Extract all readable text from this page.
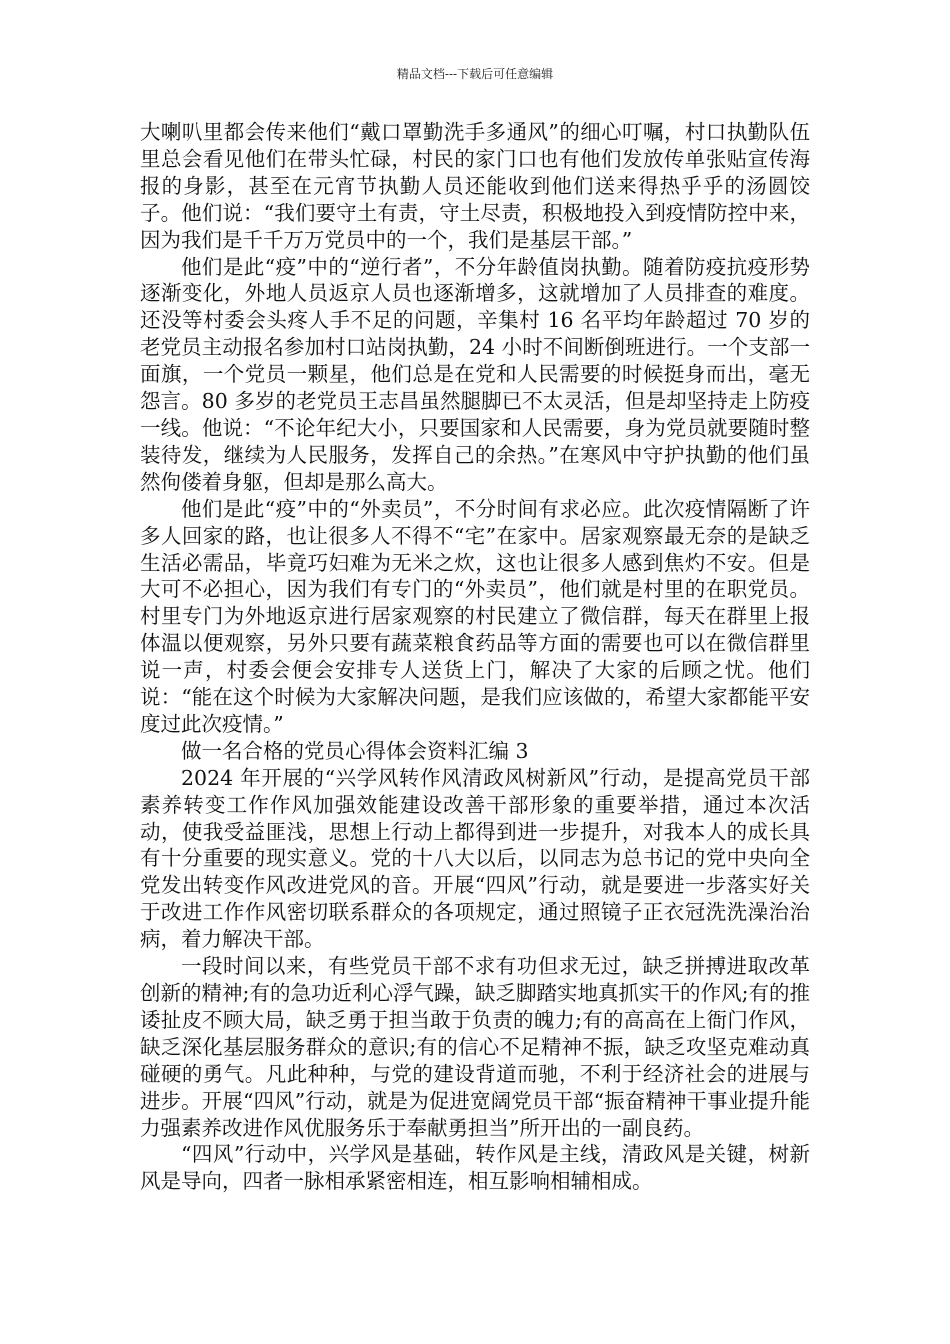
精品文档---下载后可任意编辑

大喇叭里都会传来他们“戴口罩勤洗手多通风”的细心叮嘱，村口执勤队伍里总会看见他们在带头忙碌，村民的家门口也有他们发放传单张贴宣传海报的身影，甚至在元宵节执勤人员还能收到他们送来得热乎乎的汤圆饺子。他们说：“我们要守土有责，守土尽责，积极地投入到疫情防控中来，因为我们是千千万万党员中的一个，我们是基层干部。”

他们是此“疫”中的“逆行者”，不分年龄值岗执勤。随着防疫抗疫形势逐渐变化，外地人员返京人员也逐渐增多，这就增加了人员排查的难度。还没等村委会头疼人手不足的问题，辛集村 16 名平均年龄超过 70 岁的老党员主动报名参加村口站岗执勤，24 小时不间断倒班进行。一个支部一面旗，一个党员一颗星，他们总是在党和人民需要的时候挺身而出，毫无怨言。80 多岁的老党员王志昌虽然腿脚已不太灵活，但是却坚持走上防疫一线。他说：“不论年纪大小，只要国家和人民需要，身为党员就要随时整装待发，继续为人民服务，发挥自己的余热。”在寒风中守护执勤的他们虽然佝偻着身躯，但却是那么高大。

他们是此“疫”中的“外卖员”，不分时间有求必应。此次疫情隔断了许多人回家的路，也让很多人不得不“宅”在家中。居家观察最无奈的是缺乏生活必需品，毕竟巧妇难为无米之炊，这也让很多人感到焦灼不安。但是大可不必担心，因为我们有专门的“外卖员”，他们就是村里的在职党员。村里专门为外地返京进行居家观察的村民建立了微信群，每天在群里上报体温以便观察，另外只要有蔬菜粮食药品等方面的需要也可以在微信群里说一声，村委会便会安排专人送货上门，解决了大家的后顾之忧。他们说：“能在这个时候为大家解决问题，是我们应该做的，希望大家都能平安度过此次疫情。”

做一名合格的党员心得体会资料汇编 3

2024 年开展的“兴学风转作风清政风树新风”行动，是提高党员干部素养转变工作作风加强效能建设改善干部形象的重要举措，通过本次活动，使我受益匪浅，思想上行动上都得到进一步提升，对我本人的成长具有十分重要的现实意义。党的十八大以后，以同志为总书记的党中央向全党发出转变作风改进党风的音。开展“四风”行动，就是要进一步落实好关于改进工作作风密切联系群众的各项规定，通过照镜子正衣冠洗洗澡治治病，着力解决干部。

一段时间以来，有些党员干部不求有功但求无过，缺乏拼搏进取改革创新的精神;有的急功近利心浮气躁，缺乏脚踏实地真抓实干的作风;有的推诿扯皮不顾大局，缺乏勇于担当敢于负责的魄力;有的高高在上衙门作风，缺乏深化基层服务群众的意识;有的信心不足精神不振，缺乏攻坚克难动真碰硬的勇气。凡此种种，与党的建设背道而驰，不利于经济社会的进展与进步。开展“四风”行动，就是为促进宽阔党员干部“振奋精神干事业提升能力强素养改进作风优服务乐于奉献勇担当”所开出的一副良药。

“四风”行动中，兴学风是基础，转作风是主线，清政风是关键，树新风是导向，四者一脉相承紧密相连，相互影响相辅相成。
